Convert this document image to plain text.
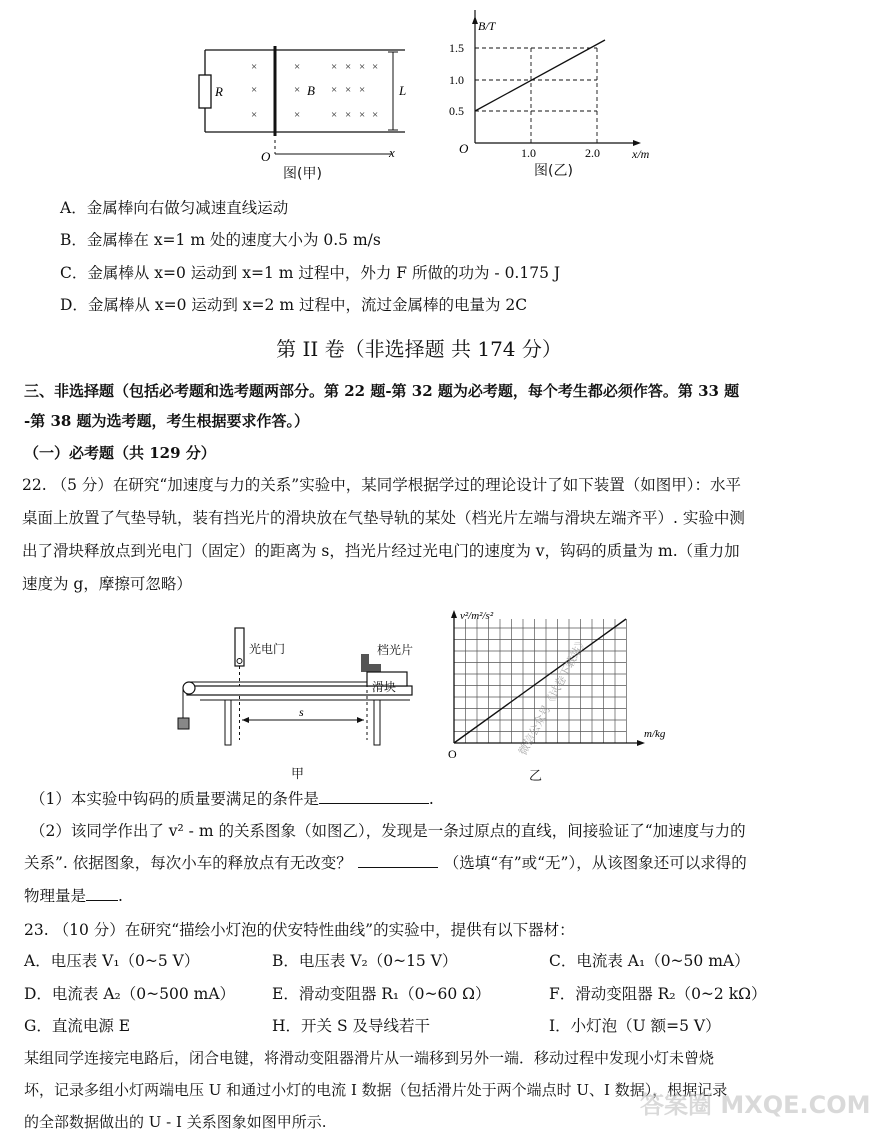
R
×
×
×
×
×
×
× × × ×
× × ×
× × × ×
B	L
O	x
图(甲)
B/T
1.5
1.0
0.5
1.0	2.0	x/m
O
图(乙)
A．金属棒向右做匀减速直线运动
B．金属棒在 x=1 m 处的速度大小为 0.5 m/s
C．金属棒从 x=0 运动到 x=1 m 过程中，外力 F 所做的功为 - 0.175 J
D．金属棒从 x=0 运动到 x=2 m 过程中，流过金属棒的电量为 2C
第 II 卷（非选择题 共 174 分）
三、非选择题（包括必考题和选考题两部分。第 22 题-第 32 题为必考题，每个考生都必须作答。第 33 题
-第 38 题为选考题，考生根据要求作答。）
（一）必考题（共 129 分）
22. （5 分）在研究“加速度与力的关系”实验中，某同学根据学过的理论设计了如下装置（如图甲）：水平
桌面上放置了气垫导轨，装有挡光片的滑块放在气垫导轨的某处（档光片左端与滑块左端齐平）. 实验中测
出了滑块释放点到光电门（固定）的距离为 s，挡光片经过光电门的速度为 v，钩码的质量为 m.（重力加
速度为 g，摩擦可忽略）
s
光电门	档光片
滑块
甲
v²/m²/s²
m/kg
O	微信公众号《试卷下载站》
乙
（1）本实验中钩码的质量要满足的条件是	.
（2）该同学作出了 v² - m 的关系图象（如图乙），发现是一条过原点的直线，间接验证了“加速度与力的
关系”. 依据图象，每次小车的释放点有无改变？	（选填“有”或“无”），从该图象还可以求得的
物理量是 .
23. （10 分）在研究“描绘小灯泡的伏安特性曲线”的实验中，提供有以下器材：
A．电压表 V₁（0~5 V）	B．电压表 V₂（0~15 V）	C．电流表 A₁（0~50 mA）
D．电流表 A₂（0~500 mA） E．滑动变阻器 R₁（0~60 Ω）	F．滑动变阻器 R₂（0~2 kΩ）
G．直流电源 E	H．开关 S 及导线若干	I．小灯泡（U 额=5 V）
某组同学连接完电路后，闭合电键，将滑动变阻器滑片从一端移到另外一端．移动过程中发现小灯未曾烧
坏，记录多组小灯两端电压 U 和通过小灯的电流 I 数据（包括滑片处于两个端点时 U、I 数据），根据记录
的全部数据做出的 U - I 关系图象如图甲所示.
答案圈 MXQE.COM
